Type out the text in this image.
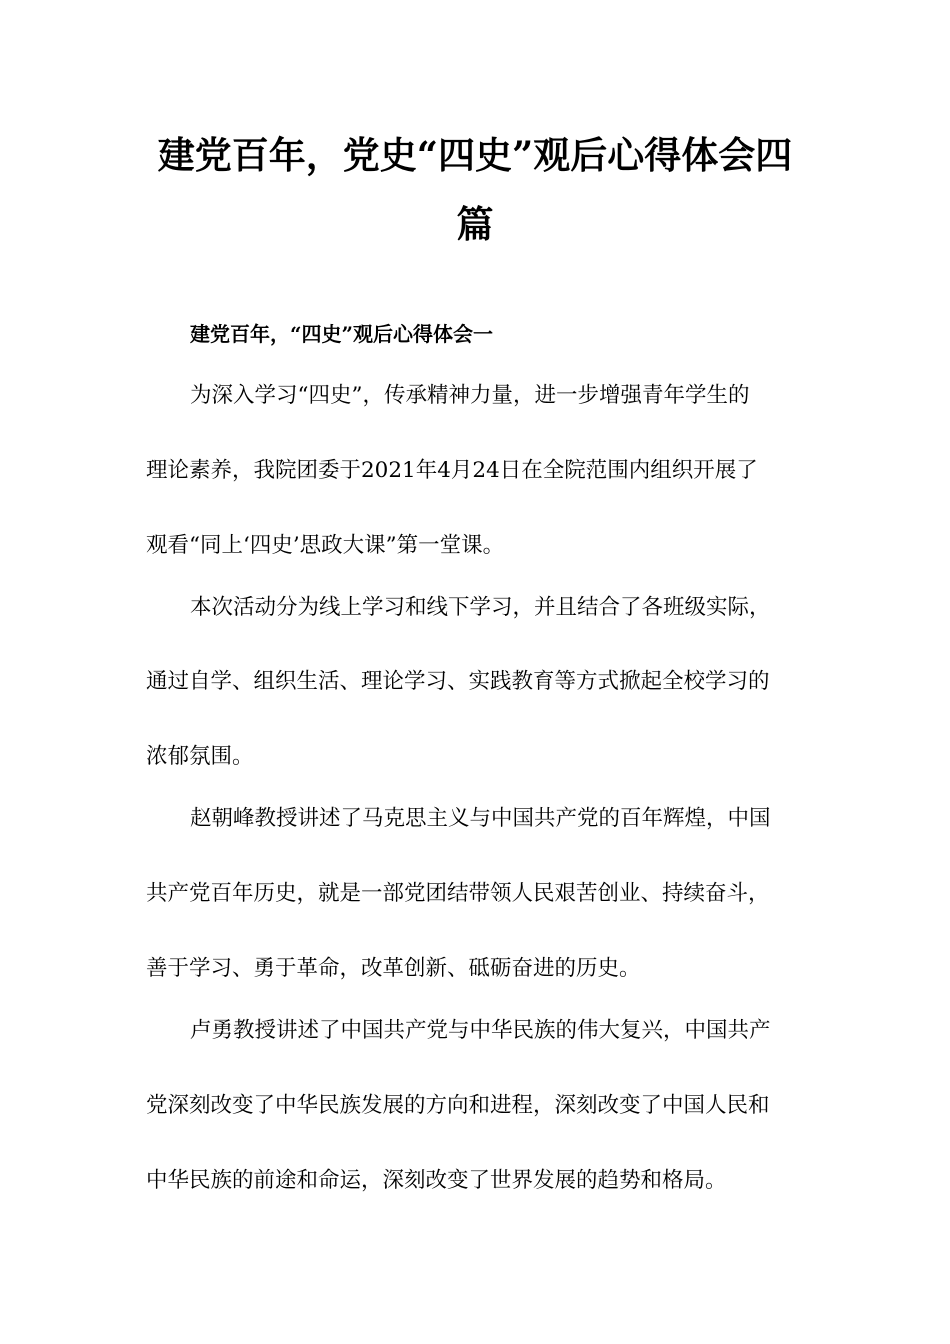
建党百年，党史“四史”观后心得体会四
篇
建党百年，“四史”观后心得体会一
为深入学习“四史”，传承精神力量，进一步增强青年学生的
理论素养，我院团委于2021年4月24日在全院范围内组织开展了
观看“同上‘四史’思政大课”第一堂课。
本次活动分为线上学习和线下学习，并且结合了各班级实际，
通过自学、组织生活、理论学习、实践教育等方式掀起全校学习的
浓郁氛围。
赵朝峰教授讲述了马克思主义与中国共产党的百年辉煌，中国
共产党百年历史，就是一部党团结带领人民艰苦创业、持续奋斗，
善于学习、勇于革命，改革创新、砥砺奋进的历史。
卢勇教授讲述了中国共产党与中华民族的伟大复兴，中国共产
党深刻改变了中华民族发展的方向和进程，深刻改变了中国人民和
中华民族的前途和命运，深刻改变了世界发展的趋势和格局。
